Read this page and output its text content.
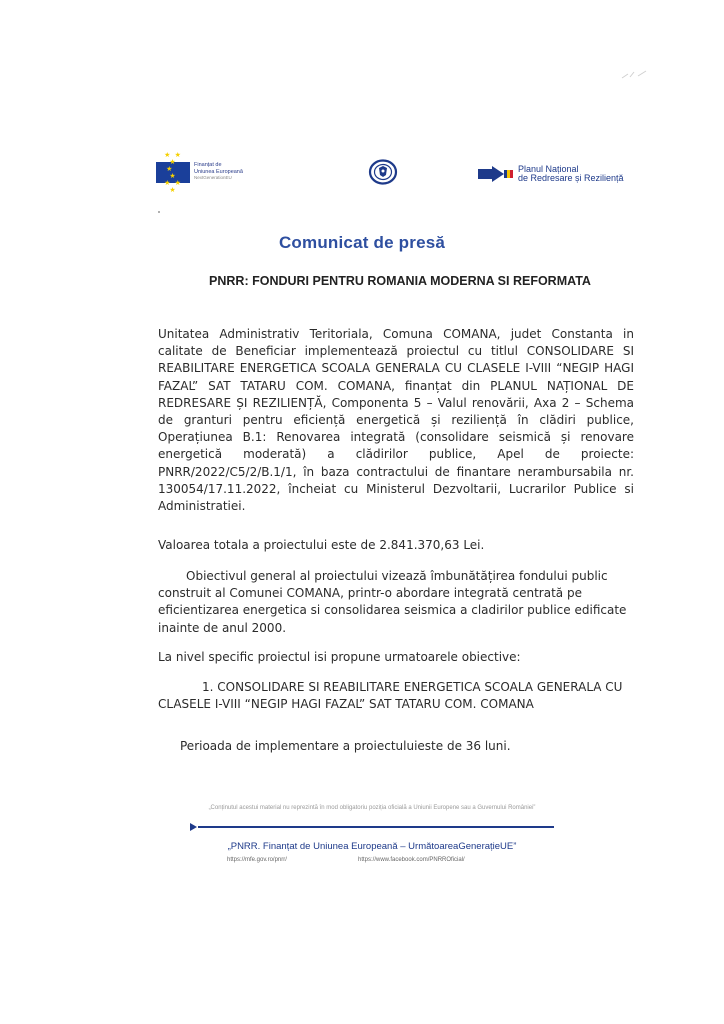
★ ★ ★
★   ★
★ ★ ★
Finanțat de
Uniunea Europeană
NextGenerationEU
Planul Național
de Redresare și Reziliență
Comunicat de presă
PNRR: FONDURI PENTRU ROMANIA MODERNA SI REFORMATA
Unitatea Administrativ Teritoriala, Comuna COMANA, judet Constanta in calitate de Beneficiar implementează proiectul cu titlul CONSOLIDARE SI REABILITARE ENERGETICA SCOALA GENERALA CU CLASELE I-VIII “NEGIP HAGI FAZAL” SAT TATARU COM. COMANA, finanțat din PLANUL NAȚIONAL DE REDRESARE ȘI REZILIENȚĂ, Componenta 5 – Valul renovării, Axa 2 – Schema de granturi pentru eficiență energetică și reziliență în clădiri publice, Operațiunea B.1: Renovarea integrată (consolidare seismică și renovare energetică moderată) a clădirilor publice, Apel de proiecte: PNRR/2022/C5/2/B.1/1, în baza contractului de finantare nerambursabila nr. 130054/17.11.2022, încheiat cu Ministerul Dezvoltarii, Lucrarilor Publice si Administratiei.
Valoarea totala a proiectului este de 2.841.370,63 Lei.
Obiectivul general al proiectului vizează îmbunătățirea fondului public construit al Comunei COMANA, printr-o abordare integrată centrată pe eficientizarea energetica si consolidarea seismica a cladirilor publice edificate inainte de anul 2000.
La nivel specific proiectul isi propune urmatoarele obiective:
1. CONSOLIDARE SI REABILITARE ENERGETICA SCOALA GENERALA CU CLASELE I-VIII “NEGIP HAGI FAZAL” SAT TATARU COM. COMANA
Perioada de implementare a proiectuluieste de 36 luni.
„Conținutul acestui material nu reprezintă în mod obligatoriu poziția oficială a Uniunii Europene sau a Guvernului României”
„PNRR. Finanțat de Uniunea Europeană – UrmătoareaGenerațieUE”
https://mfe.gov.ro/pnrr/	https://www.facebook.com/PNRROficial/
